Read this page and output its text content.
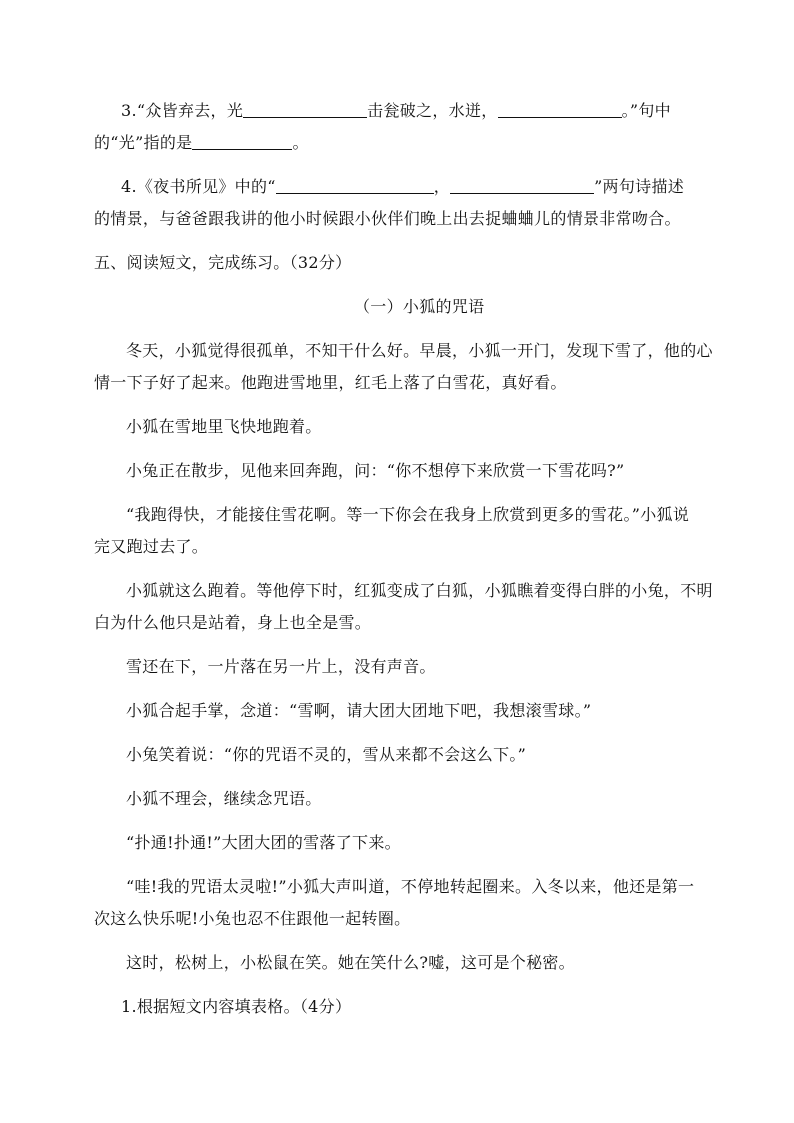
3.“众皆弃去，光	击瓮破之，水迸，	。”句中
的“光”指的是	。
4.《夜书所见》中的“	，	”两句诗描述
的情景，与爸爸跟我讲的他小时候跟小伙伴们晚上出去捉蛐蛐儿的情景非常吻合。
五、阅读短文，完成练习。（32分）
（一）小狐的咒语
冬天，小狐觉得很孤单，不知干什么好。早晨，小狐一开门，发现下雪了，他的心
情一下子好了起来。他跑进雪地里，红毛上落了白雪花，真好看。
小狐在雪地里飞快地跑着。
小兔正在散步，见他来回奔跑，问：“你不想停下来欣赏一下雪花吗?”
“我跑得快，才能接住雪花啊。等一下你会在我身上欣赏到更多的雪花。”小狐说
完又跑过去了。
小狐就这么跑着。等他停下时，红狐变成了白狐，小狐瞧着变得白胖的小兔，不明
白为什么他只是站着，身上也全是雪。
雪还在下，一片落在另一片上，没有声音。
小狐合起手掌，念道：“雪啊，请大团大团地下吧，我想滚雪球。”
小兔笑着说：“你的咒语不灵的，雪从来都不会这么下。”
小狐不理会，继续念咒语。
“扑通!扑通!”大团大团的雪落了下来。
“哇!我的咒语太灵啦!”小狐大声叫道，不停地转起圈来。入冬以来，他还是第一
次这么快乐呢!小兔也忍不住跟他一起转圈。
这时，松树上，小松鼠在笑。她在笑什么?嘘，这可是个秘密。
1.根据短文内容填表格。（4分）
